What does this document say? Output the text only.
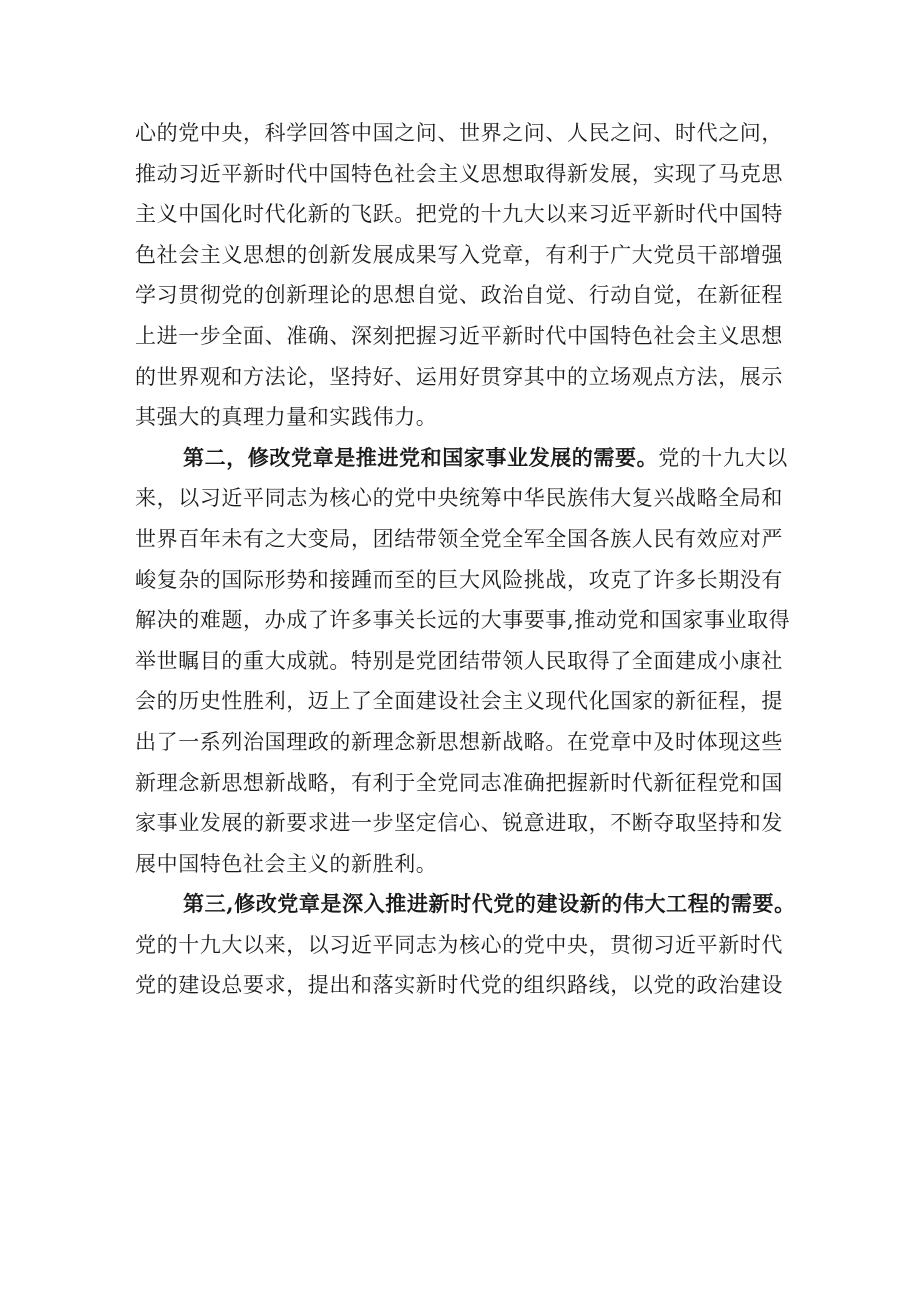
心的党中央，科学回答中国之问、世界之问、人民之问、时代之问，
推动习近平新时代中国特色社会主义思想取得新发展，实现了马克思
主义中国化时代化新的飞跃。把党的十九大以来习近平新时代中国特
色社会主义思想的创新发展成果写入党章，有利于广大党员干部增强
学习贯彻党的创新理论的思想自觉、政治自觉、行动自觉，在新征程
上进一步全面、准确、深刻把握习近平新时代中国特色社会主义思想
的世界观和方法论，坚持好、运用好贯穿其中的立场观点方法，展示
其强大的真理力量和实践伟力。
第二，修改党章是推进党和国家事业发展的需要。党的十九大以
来，以习近平同志为核心的党中央统筹中华民族伟大复兴战略全局和
世界百年未有之大变局，团结带领全党全军全国各族人民有效应对严
峻复杂的国际形势和接踵而至的巨大风险挑战，攻克了许多长期没有
解决的难题，办成了许多事关长远的大事要事,推动党和国家事业取得
举世瞩目的重大成就。特别是党团结带领人民取得了全面建成小康社
会的历史性胜利，迈上了全面建设社会主义现代化国家的新征程，提
出了一系列治国理政的新理念新思想新战略。在党章中及时体现这些
新理念新思想新战略，有利于全党同志准确把握新时代新征程党和国
家事业发展的新要求进一步坚定信心、锐意进取，不断夺取坚持和发
展中国特色社会主义的新胜利。
第三,修改党章是深入推进新时代党的建设新的伟大工程的需要。
党的十九大以来，以习近平同志为核心的党中央，贯彻习近平新时代
党的建设总要求，提出和落实新时代党的组织路线，以党的政治建设
